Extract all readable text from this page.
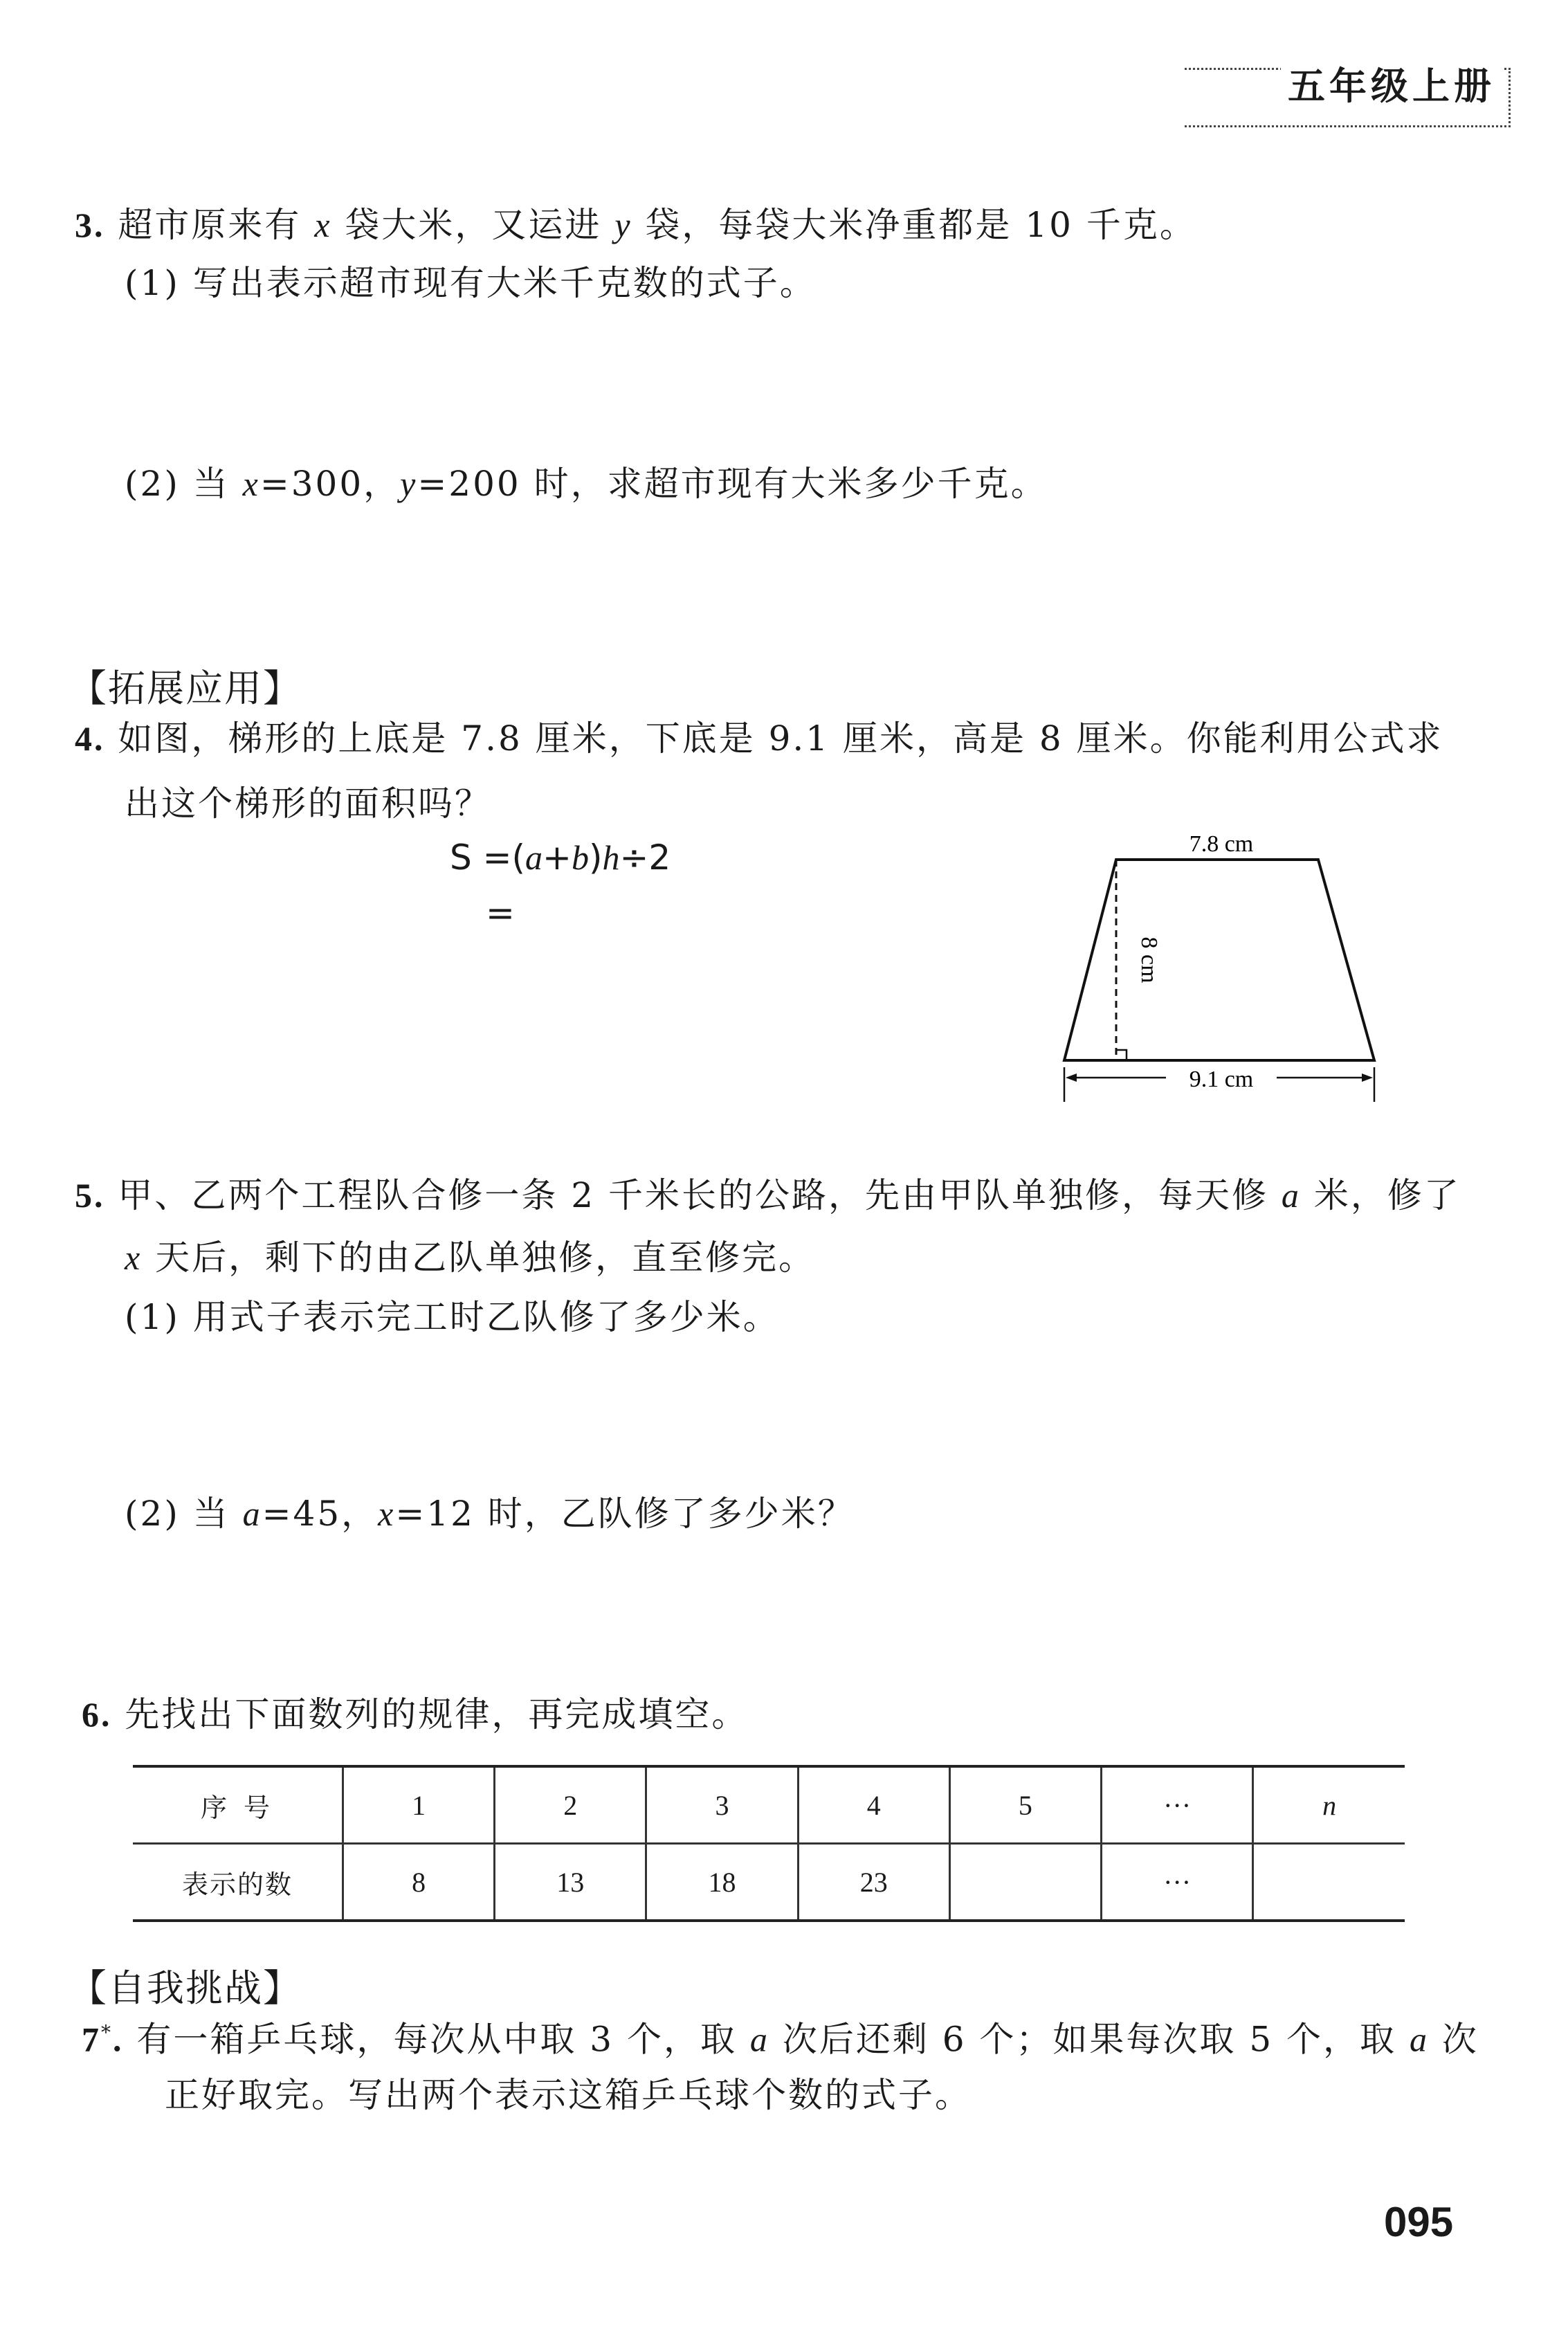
五年级上册
3. 超市原来有 x 袋大米，又运进 y 袋，每袋大米净重都是 10 千克。
(1) 写出表示超市现有大米千克数的式子。
(2) 当 x=300，y=200 时，求超市现有大米多少千克。
【拓展应用】
4. 如图，梯形的上底是 7.8 厘米，下底是 9.1 厘米，高是 8 厘米。你能利用公式求
出这个梯形的面积吗？
S =(a+b)h÷2
=
7.8 cm
9.1 cm
8 cm
5. 甲、乙两个工程队合修一条 2 千米长的公路，先由甲队单独修，每天修 a 米，修了
x 天后，剩下的由乙队单独修，直至修完。
(1) 用式子表示完工时乙队修了多少米。
(2) 当 a=45，x=12 时，乙队修了多少米？
6. 先找出下面数列的规律，再完成填空。
序 号	1	2	3	4	5	···	n
表示的数	8	13	18	23		···	
【自我挑战】
7*. 有一箱乒乓球，每次从中取 3 个，取 a 次后还剩 6 个；如果每次取 5 个，取 a 次
正好取完。写出两个表示这箱乒乓球个数的式子。
095
